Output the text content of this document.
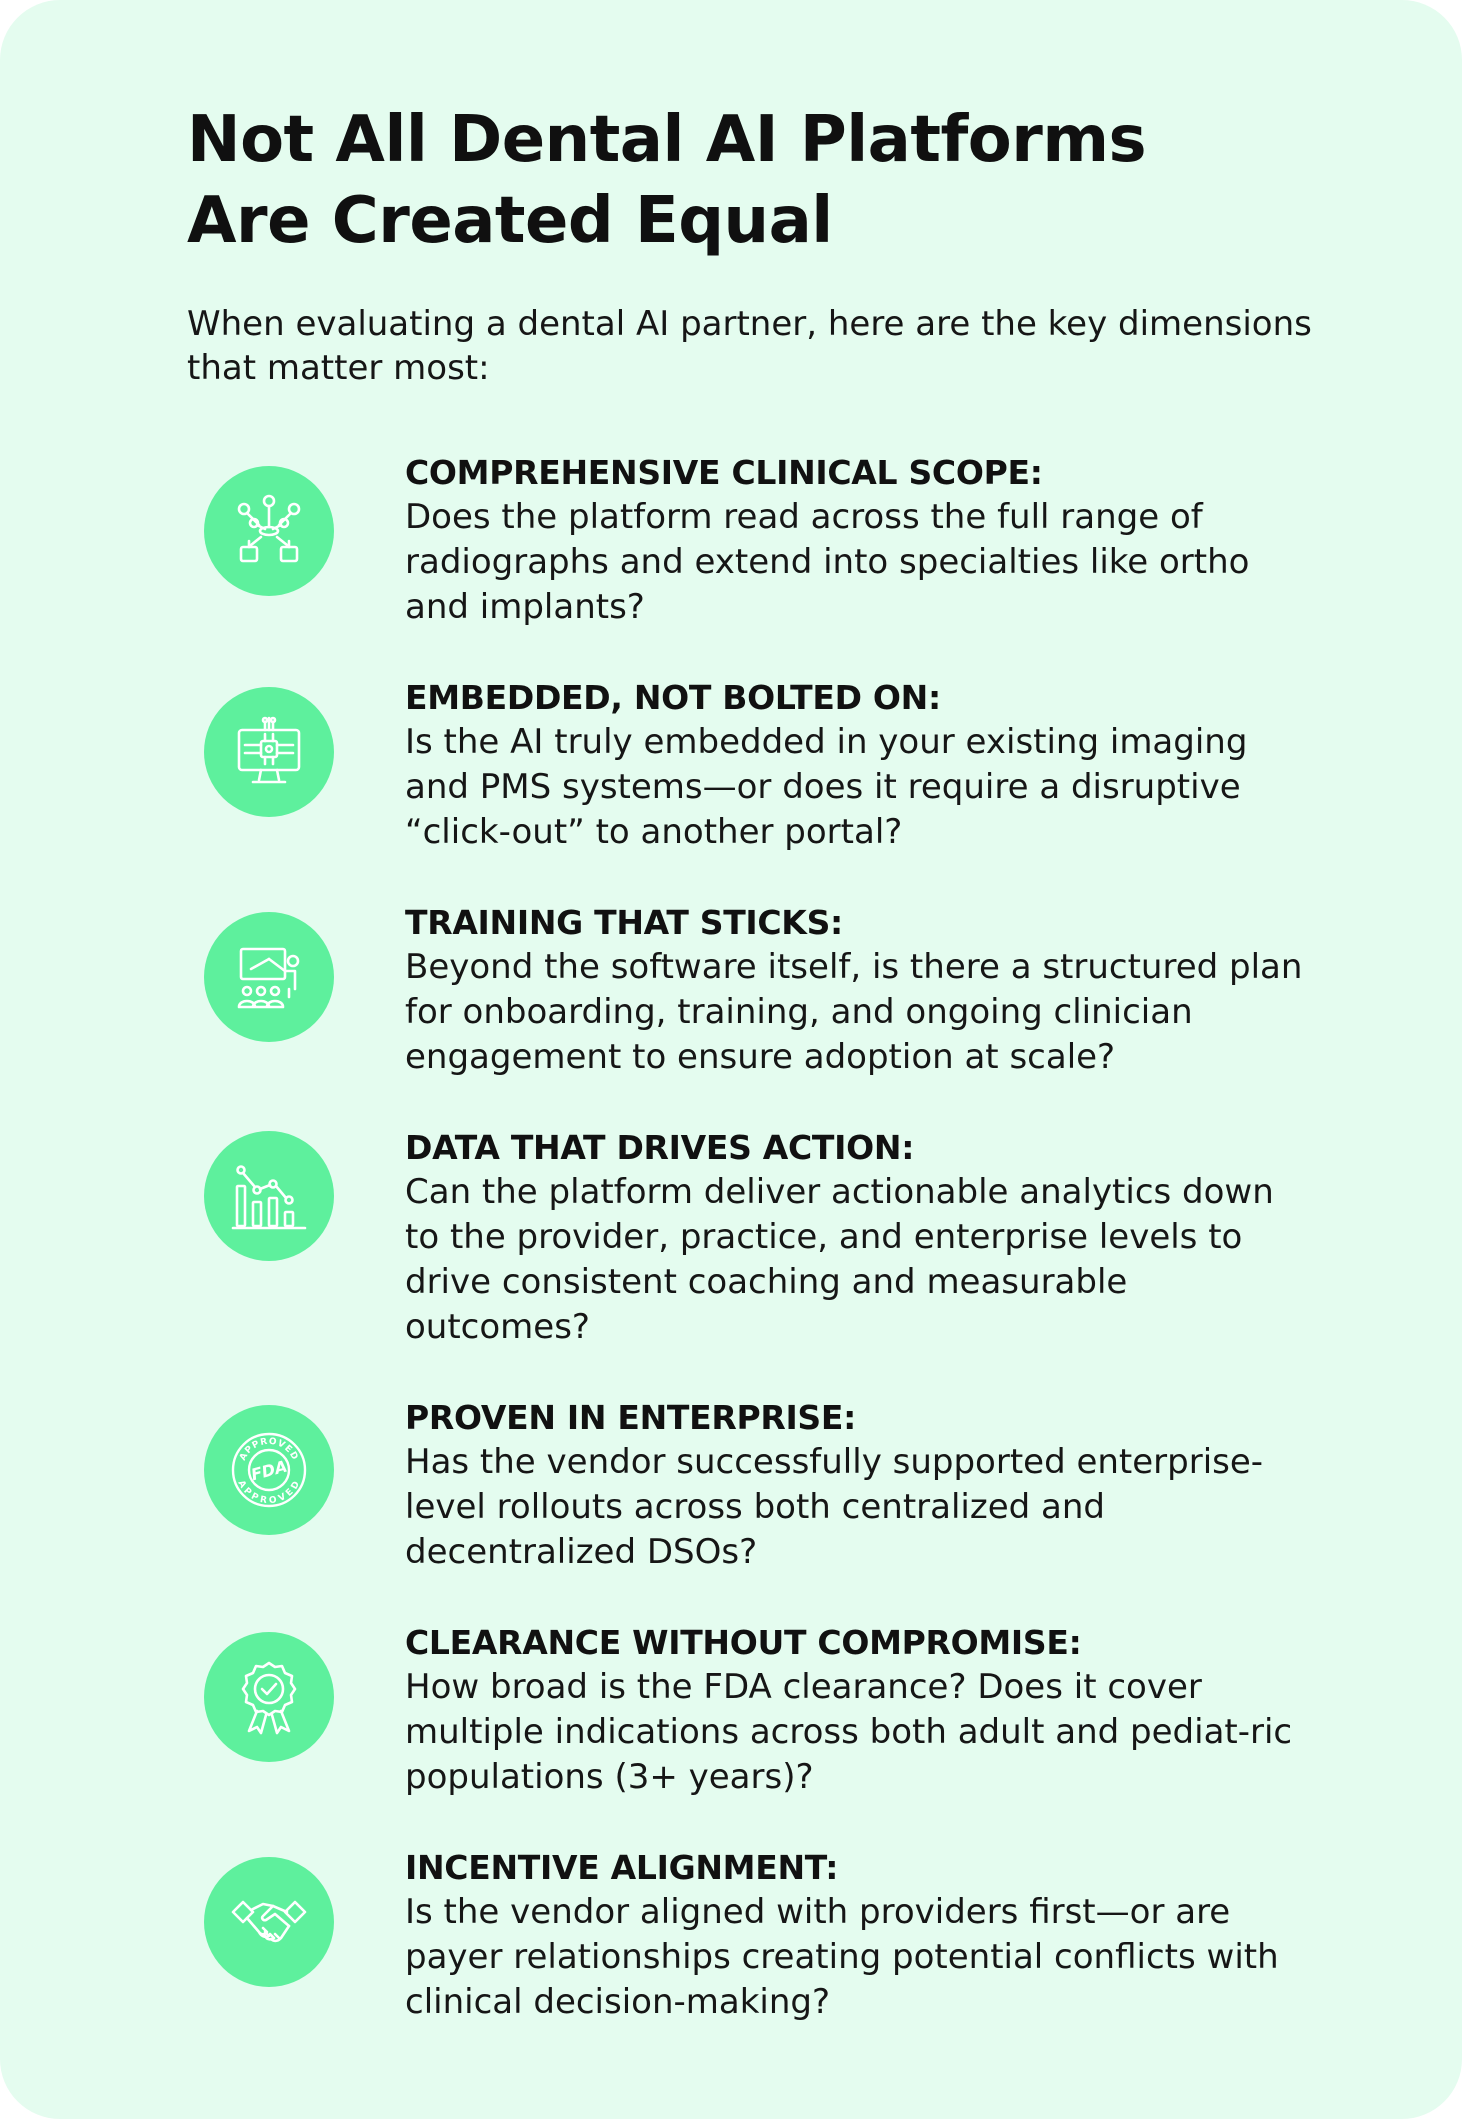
Not All Dental AI Platforms
Are Created Equal

When evaluating a dental AI partner, here are the key dimensions that matter most:

COMPREHENSIVE CLINICAL SCOPE:
Does the platform read across the full range of radiographs and extend into specialties like ortho and implants?

EMBEDDED, NOT BOLTED ON:
Is the AI truly embedded in your existing imaging and PMS systems—or does it require a disruptive “click-out” to another portal?

TRAINING THAT STICKS:
Beyond the software itself, is there a structured plan for onboarding, training, and ongoing clinician engagement to ensure adoption at scale?

DATA THAT DRIVES ACTION:
Can the platform deliver actionable analytics down to the provider, practice, and enterprise levels to drive consistent coaching and measurable outcomes?

APPROVED
APPROVED
FDA

PROVEN IN ENTERPRISE:
Has the vendor successfully supported enterprise-level rollouts across both centralized and decentralized DSOs?

CLEARANCE WITHOUT COMPROMISE:
How broad is the FDA clearance? Does it cover multiple indications across both adult and pediat-ric populations (3+ years)?

INCENTIVE ALIGNMENT:
Is the vendor aligned with providers first—or are payer relationships creating potential conflicts with clinical decision-making?
